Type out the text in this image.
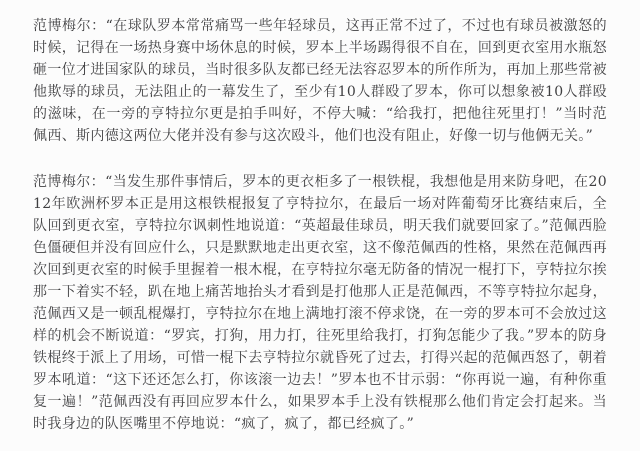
范博梅尔：“在球队罗本常常痛骂一些年轻球员，这再正常不过了，不过也有球员被激怒的时候，记得在一场热身赛中场休息的时候，罗本上半场踢得很不自在，回到更衣室用水瓶怒砸一位才进国家队的球员，当时很多队友都已经无法容忍罗本的所作所为，再加上那些常被他欺辱的球员，无法阻止的一幕发生了，至少有10人群殴了罗本，你可以想象被10人群殴的滋味，在一旁的亨特拉尔更是拍手叫好，不停大喊：“给我打，把他往死里打！”当时范佩西、斯内德这两位大佬并没有参与这次殴斗，他们也没有阻止，好像一切与他俩无关。”

范博梅尔：“当发生那件事情后，罗本的更衣柜多了一根铁棍，我想他是用来防身吧，在2012年欧洲杯罗本正是用这根铁棍报复了亨特拉尔，在最后一场对阵葡萄牙比赛结束后，全队回到更衣室，亨特拉尔讽刺性地说道：“英超最佳球员，明天我们就要回家了。”范佩西脸色僵硬但并没有回应什么，只是默默地走出更衣室，这不像范佩西的性格，果然在范佩西再次回到更衣室的时候手里握着一根木棍，在亨特拉尔毫无防备的情况一棍打下，亨特拉尔挨那一下着实不轻，趴在地上痛苦地抬头才看到是打他那人正是范佩西，不等亨特拉尔起身，范佩西又是一顿乱棍爆打，亨特拉尔在地上满地打滚不停求饶，在一旁的罗本可不会放过这样的机会不断说道：“罗宾，打狗，用力打，往死里给我打，打狗怎能少了我。”罗本的防身铁棍终于派上了用场，可惜一棍下去亨特拉尔就昏死了过去，打得兴起的范佩西怒了，朝着罗本吼道：“这下还还怎么打，你该滚一边去！”罗本也不甘示弱：“你再说一遍，有种你重复一遍！”范佩西没有再回应罗本什么，如果罗本手上没有铁棍那么他们肯定会打起来。当时我身边的队医嘴里不停地说：“疯了，疯了，都已经疯了。”
